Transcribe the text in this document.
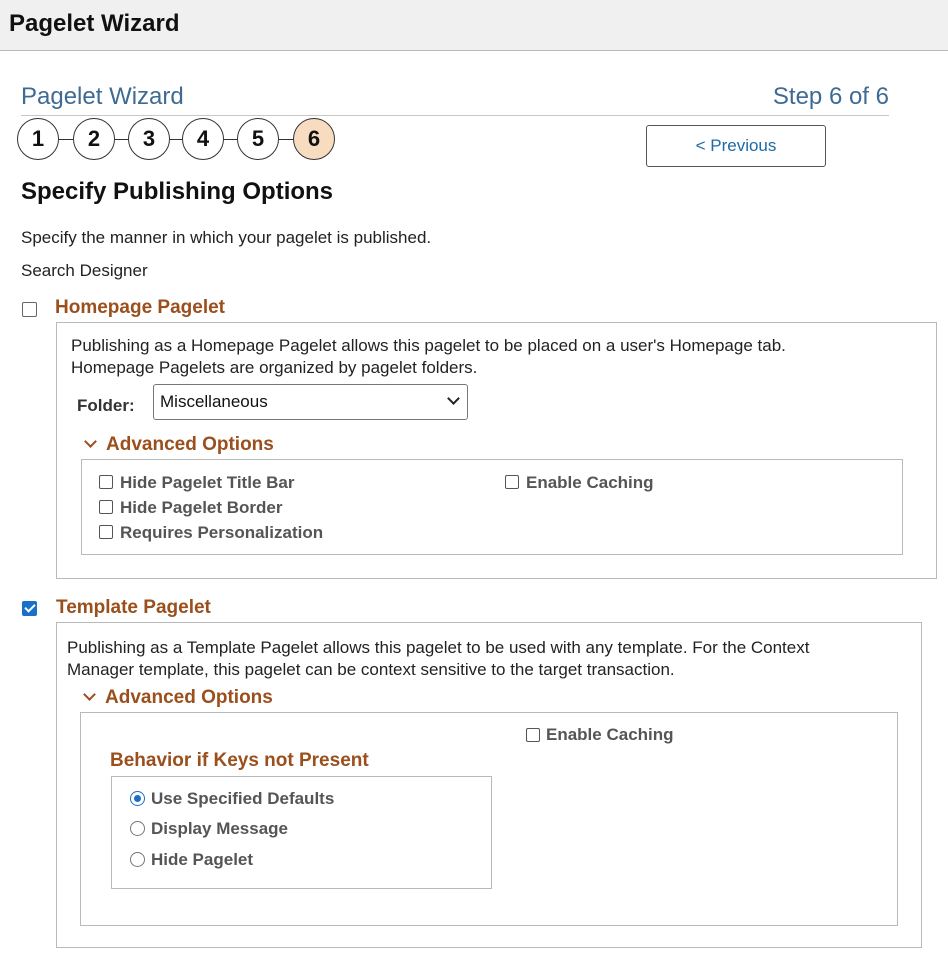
Pagelet Wizard
Pagelet Wizard	Step 6 of 6
1	2	3	4	5	6	< Previous
Specify Publishing Options
Specify the manner in which your pagelet is published.
Search Designer
Homepage Pagelet
Publishing as a Homepage Pagelet allows this pagelet to be placed on a user's Homepage tab.
Homepage Pagelets are organized by pagelet folders.
Folder:	Miscellaneous
Advanced Options
Hide Pagelet Title Bar
Hide Pagelet Border
Requires Personalization
Enable Caching
Template Pagelet
Publishing as a Template Pagelet allows this pagelet to be used with any template. For the Context
Manager template, this pagelet can be context sensitive to the target transaction.
Advanced Options
Enable Caching
Behavior if Keys not Present
Use Specified Defaults
Display Message
Hide Pagelet
